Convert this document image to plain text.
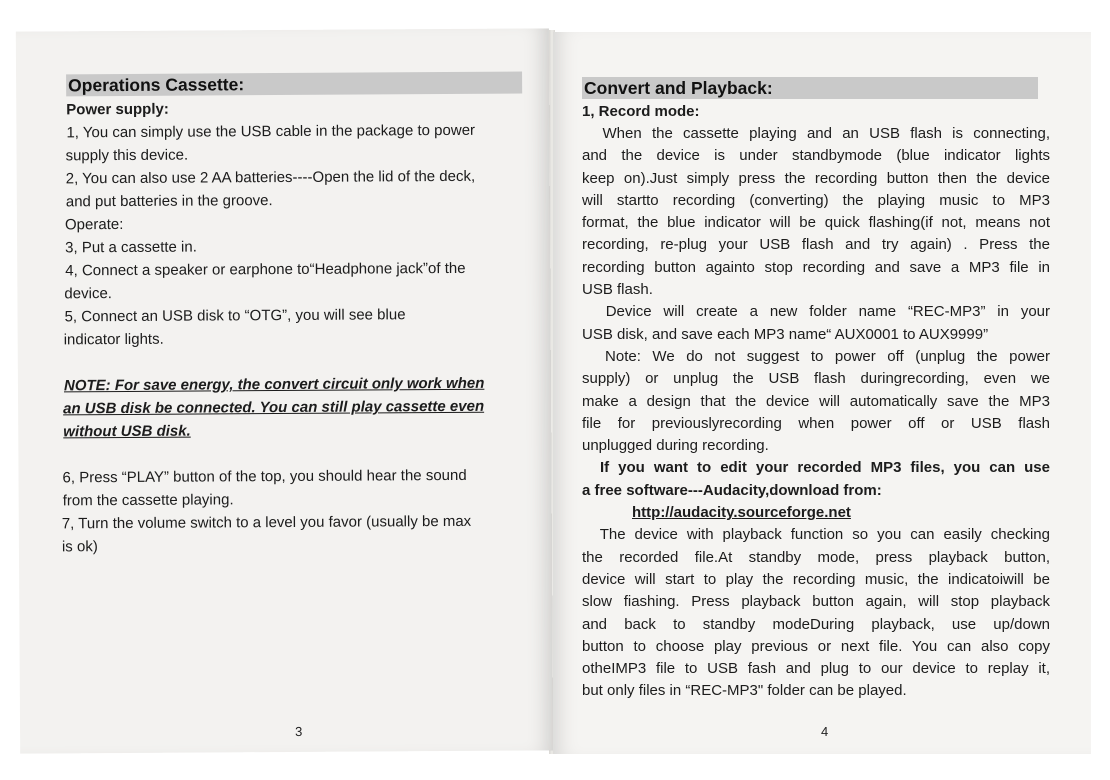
Operations Cassette:
Power supply:
1, You can simply use the USB cable in the package to power
supply this device.
2, You can also use 2 AA batteries----Open the lid of the deck,
and put batteries in the groove.
Operate:
3, Put a cassette in.
4, Connect a speaker or earphone to“Headphone jack”of the
device.
5, Connect an USB disk to “OTG”, you will see blue
indicator lights.
NOTE: For save energy, the convert circuit only work when
an USB disk be connected. You can still play cassette even
without USB disk.
6, Press “PLAY” button of the top, you should hear the sound
from the cassette playing.
7, Turn the volume switch to a level you favor (usually be max
is ok)
3
Convert and Playback:
1, Record mode:
When the cassette playing and an USB flash is connecting,
and the device is under standbymode (blue indicator lights
keep on).Just simply press the recording button then the device
will startto recording (converting) the playing music to MP3
format, the blue indicator will be quick flashing(if not, means not
recording, re-plug your USB flash and try again) . Press the
recording button againto stop recording and save a MP3 file in
USB flash.
Device will create a new folder name “REC-MP3” in your
USB disk, and save each MP3 name“ AUX0001 to AUX9999”
Note: We do not suggest to power off (unplug the power
supply) or unplug the USB flash duringrecording, even we
make a design that the device will automatically save the MP3
file for previouslyrecording when power off or USB flash
unplugged during recording.
If you want to edit your recorded MP3 files, you can use
a free software---Audacity,download from:
http://audacity.sourceforge.net
The device with playback function so you can easily checking
the recorded file.At standby mode, press playback button,
device will start to play the recording music, the indicatoiwill be
slow fiashing. Press playback button again, will stop playback
and back to standby modeDuring playback, use up/down
button to choose play previous or next file. You can also copy
otheIMP3 file to USB fash and plug to our device to replay it,
but only files in “REC-MP3" folder can be played.
4
